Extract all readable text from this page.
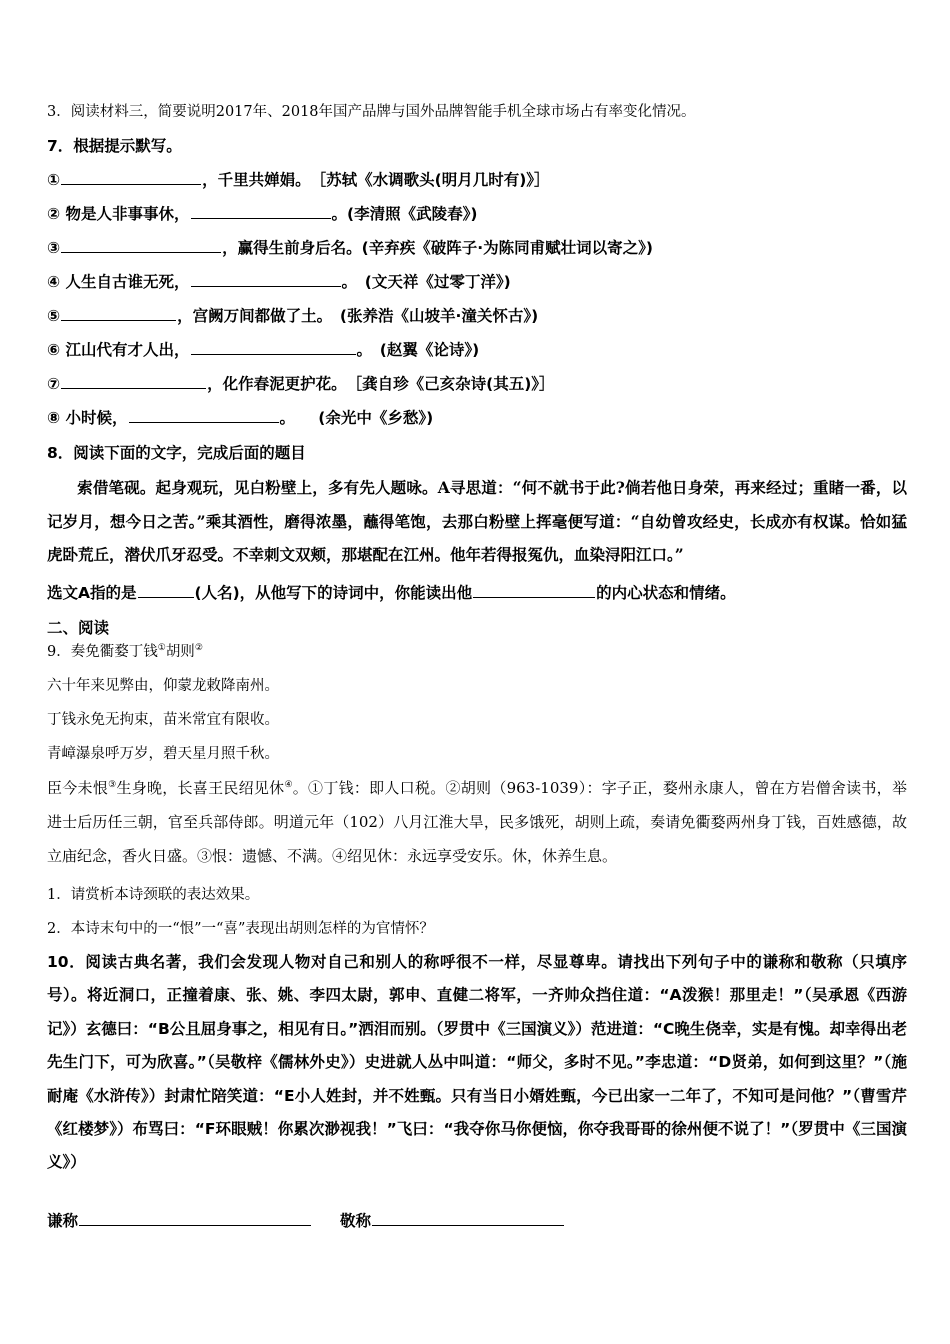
3．阅读材料三，简要说明2017年、2018年国产品牌与国外品牌智能手机全球市场占有率变化情况。
7．根据提示默写。
①	，千里共婵娟。　［苏轼《水调歌头(明月几时有)》］
② 物是人非事事休，	。(李清照《武陵春》)
③	，赢得生前身后名。(辛弃疾《破阵子·为陈同甫赋壮词以寄之》)
④ 人生自古谁无死，	。　(文天祥《过零丁洋》)
⑤	，宫阙万间都做了土。　(张养浩《山坡羊·潼关怀古》)
⑥ 江山代有才人出，	。　(赵翼《论诗》)
⑦	，化作春泥更护花。　［龚自珍《己亥杂诗(其五)》］
⑧ 小时候，	。　　(余光中《乡愁》)
8．阅读下面的文字，完成后面的题目
索借笔砚。起身观玩，见白粉壁上，多有先人题咏。A寻思道：“何不就书于此?倘若他日身荣，再来经过；重睹一番，以记岁月，想今日之苦。”乘其酒性，磨得浓墨，蘸得笔饱，去那白粉壁上挥毫便写道：“自幼曾攻经史，长成亦有权谋。恰如猛虎卧荒丘，潜伏爪牙忍受。不幸刺文双颊，那堪配在江州。他年若得报冤仇，血染浔阳江口。”
选文A指的是	(人名)，从他写下的诗词中，你能读出他	的内心状态和情绪。
二、阅读
9．奏免衢婺丁钱①胡则②
六十年来见弊由，仰蒙龙敕降南州。
丁钱永免无拘束，苗米常宜有限收。
青嶂瀑泉呼万岁，碧天星月照千秋。
臣今未恨③生身晚，长喜王民绍见休④。①丁钱：即人口税。②胡则（963-1039）：字子正，婺州永康人，曾在方岩僧舍读书，举进士后历任三朝，官至兵部侍郎。明道元年（102）八月江淮大旱，民多饿死，胡则上疏，奏请免衢婺两州身丁钱，百姓感德，故立庙纪念，香火日盛。③恨：遗憾、不满。④绍见休：永远享受安乐。休，休养生息。
1．请赏析本诗颈联的表达效果。
2．本诗末句中的一“恨”一“喜”表现出胡则怎样的为官情怀？
10．阅读古典名著，我们会发现人物对自己和别人的称呼很不一样，尽显尊卑。请找出下列句子中的谦称和敬称（只填序号）。将近洞口，正撞着康、张、姚、李四太尉，郭申、直健二将军，一齐帅众挡住道：“A泼猴！那里走！”（吴承恩《西游记》）玄德曰：“B公且屈身事之，相见有日。”洒泪而别。（罗贯中《三国演义》）范进道：“C晚生侥幸，实是有愧。却幸得出老先生门下，可为欣喜。”（吴敬梓《儒林外史》）史进就人丛中叫道：“师父，多时不见。”李忠道：“D贤弟，如何到这里？”（施耐庵《水浒传》）封肃忙陪笑道：“E小人姓封，并不姓甄。只有当日小婿姓甄，今已出家一二年了，不知可是问他？”（曹雪芹《红楼梦》）布骂曰：“F环眼贼！你累次渺视我！”飞曰：“我夺你马你便恼，你夺我哥哥的徐州便不说了！”（罗贯中《三国演义》）
谦称	敬称
